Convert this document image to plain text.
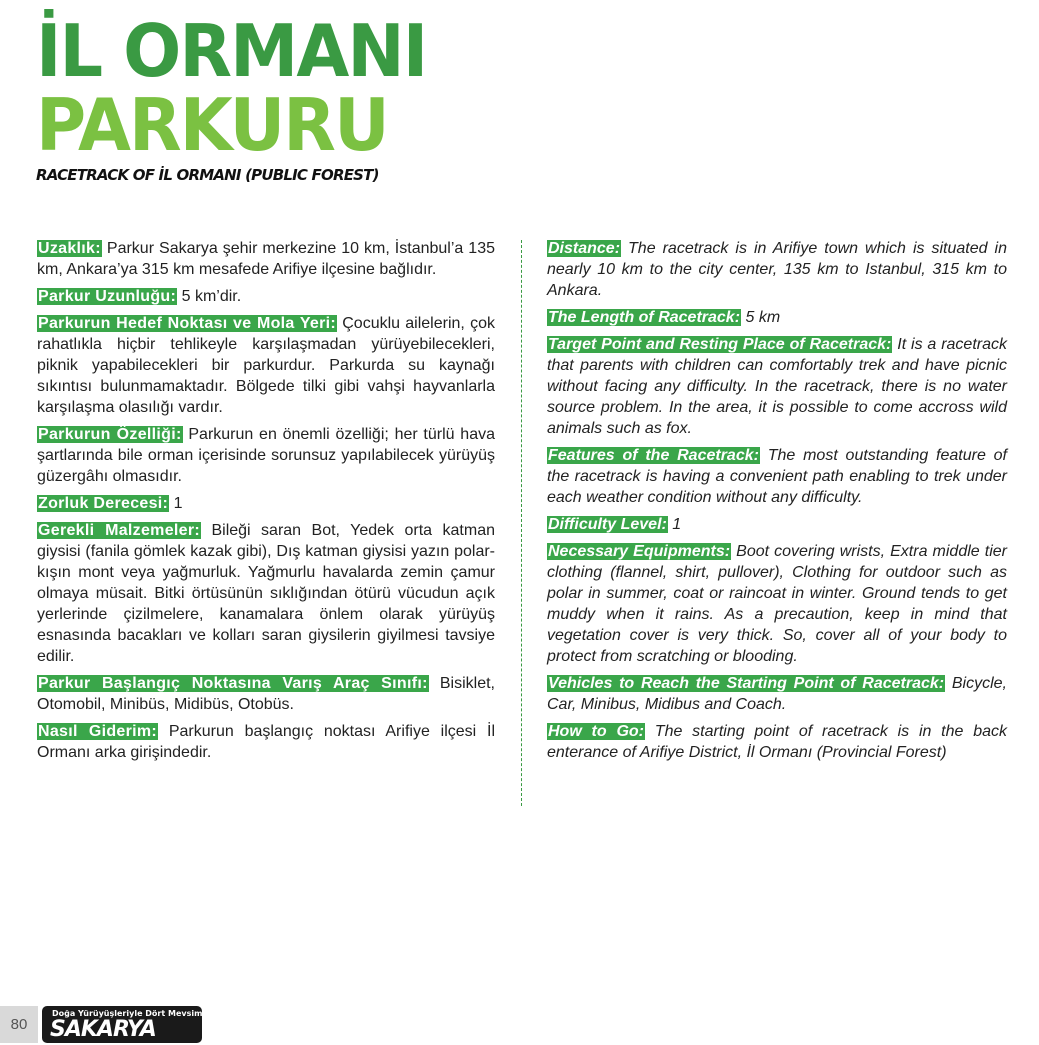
İL ORMANI
PARKURU
RACETRACK OF İL ORMANI (PUBLIC FOREST)

Uzaklık: Parkur Sakarya şehir merkezine 10 km, İstanbul’a 135 km, Ankara’ya 315 km mesafede Arifiye ilçesine bağlıdır.

Parkur Uzunluğu: 5 km’dir.

Parkurun Hedef Noktası ve Mola Yeri: Çocuklu ailelerin, çok rahatlıkla hiçbir tehlikeyle karşılaşmadan yürüyebilecekleri, piknik yapabilecekleri bir parkurdur. Parkurda su kaynağı sıkıntısı bulunmamaktadır. Bölgede tilki gibi vahşi hayvanlarla karşılaşma olasılığı vardır.

Parkurun Özelliği: Parkurun en önemli özelliği; her türlü hava şartlarında bile orman içerisinde sorunsuz yapılabilecek yürüyüş güzergâhı olmasıdır.

Zorluk Derecesi: 1

Gerekli Malzemeler: Bileği saran Bot, Yedek orta katman giysisi (fanila gömlek kazak gibi), Dış katman giysisi yazın polar-kışın mont veya yağmurluk. Yağmurlu havalarda zemin çamur olmaya müsait. Bitki örtüsünün sıklığından ötürü vücudun açık yerlerinde çizilmelere, kanamalara önlem olarak yürüyüş esnasında bacakları ve kolları saran giysilerin giyilmesi tavsiye edilir.

Parkur Başlangıç Noktasına Varış Araç Sınıfı: Bisiklet, Otomobil, Minibüs, Midibüs, Otobüs.

Nasıl Giderim: Parkurun başlangıç noktası Arifiye ilçesi İl Ormanı arka girişindedir.

Distance: The racetrack is in Arifiye town which is situated in nearly 10 km to the city center, 135 km to Istanbul, 315 km to Ankara.

The Length of Racetrack: 5 km

Target Point and Resting Place of Racetrack: It is a racetrack that parents with children can comfortably trek and have picnic without facing any difficulty. In the racetrack, there is no water source problem. In the area, it is possible to come accross wild animals such as fox.

Features of the Racetrack: The most outstanding feature of the racetrack is having a convenient path enabling to trek under each weather condition without any difficulty.

Difficulty Level: 1

Necessary Equipments: Boot covering wrists, Extra middle tier clothing (flannel, shirt, pullover), Clothing for outdoor such as polar in summer, coat or raincoat in winter. Ground tends to get muddy when it rains. As a precaution, keep in mind that vegetation cover is very thick. So, cover all of your body to protect from scratching or blooding.

Vehicles to Reach the Starting Point of Racetrack: Bicycle, Car, Minibus, Midibus and Coach.

How to Go: The starting point of racetrack is in the back enterance of Arifiye District, İl Ormanı (Provincial Forest)

80
Doğa Yürüyüşleriyle Dört Mevsim
SAKARYA
